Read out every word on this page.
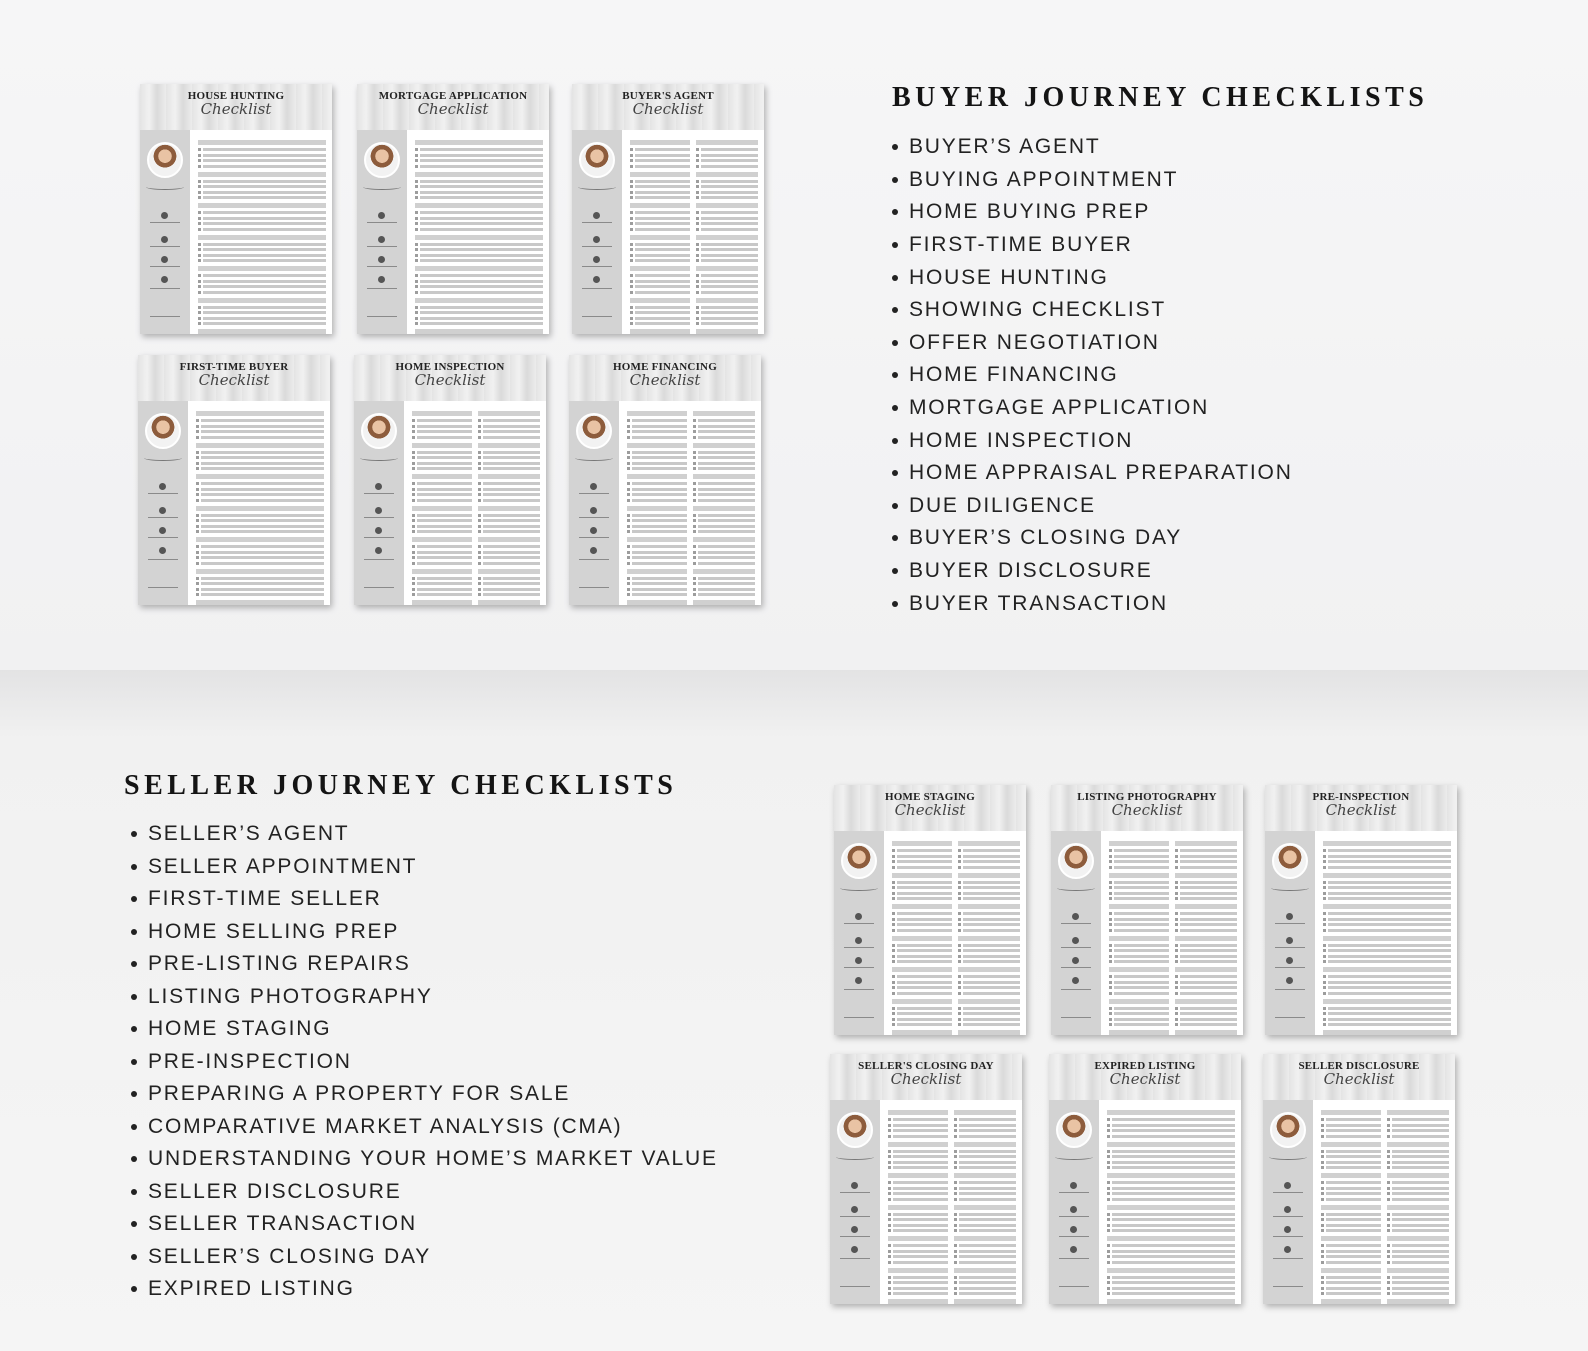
BUYER JOURNEY CHECKLISTS
BUYER’S AGENT
BUYING APPOINTMENT
HOME BUYING PREP
FIRST-TIME BUYER
HOUSE HUNTING
SHOWING CHECKLIST
OFFER NEGOTIATION
HOME FINANCING
MORTGAGE APPLICATION
HOME INSPECTION
HOME APPRAISAL PREPARATION
DUE DILIGENCE
BUYER’S CLOSING DAY
BUYER DISCLOSURE
BUYER TRANSACTION
SELLER JOURNEY CHECKLISTS
SELLER’S AGENT
SELLER APPOINTMENT
FIRST-TIME SELLER
HOME SELLING PREP
PRE-LISTING REPAIRS
LISTING PHOTOGRAPHY
HOME STAGING
PRE-INSPECTION
PREPARING A PROPERTY FOR SALE
COMPARATIVE MARKET ANALYSIS (CMA)
UNDERSTANDING YOUR HOME’S MARKET VALUE
SELLER DISCLOSURE
SELLER TRANSACTION
SELLER’S CLOSING DAY
EXPIRED LISTING
HOUSE HUNTING
Checklist
MORTGAGE APPLICATION
Checklist
BUYER'S AGENT
Checklist
FIRST-TIME BUYER
Checklist
HOME INSPECTION
Checklist
HOME FINANCING
Checklist
HOME STAGING
Checklist
LISTING PHOTOGRAPHY
Checklist
PRE-INSPECTION
Checklist
SELLER'S CLOSING DAY
Checklist
EXPIRED LISTING
Checklist
SELLER DISCLOSURE
Checklist
